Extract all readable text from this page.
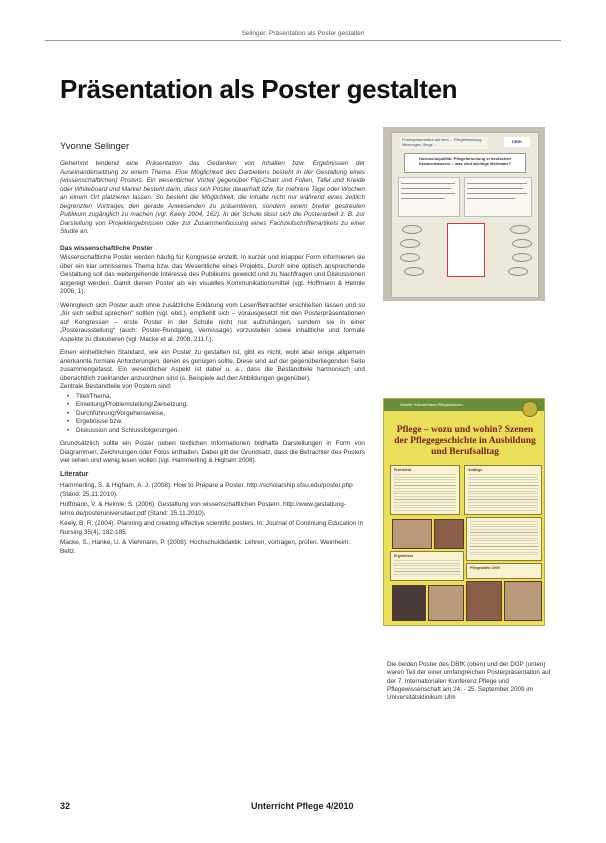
Selinger: Präsentation als Poster gestalten
Präsentation als Poster gestalten
Yvonne Selinger

Gehemmt tendend eine Präsentation das Gedanken von Inhalten bzw. Ergebnissen der Auseinandersetzung zu einem Thema. Eine Möglichkeit des Darbietens besteht in der Gestaltung eines (wissenschaftlichen) Posters. Ein wesentlicher Vorteil gegenüber Flip-Chart und Folien, Tafel und Kreide oder Whiteboard und Marker besteht darin, dass sich Poster dauerhaft bzw. für mehrere Tage oder Wochen an einem Ort platzieren lassen. So besteht die Möglichkeit, die Inhalte nicht nur während eines zeitlich begrenzten Vortrages den gerade Anwesenden zu präsentieren, sondern einem breiter gestreuten Publikum zugänglich zu machen (vgl. Keely 2004, 162). In der Schule lässt sich die Posterarbeit z. B. zur Darstellung von Projektergebnissen oder zur Zusammenfassung eines Fachzeitschriftenartikels zu einer Studie an.

Das wissenschaftliche Poster

Wissenschaftliche Poster werden häufig für Kongresse erstellt. In kurzer und knapper Form informieren sie über ein klar umrissenes Thema bzw. das Wesentliche eines Projekts. Durch eine optisch ansprechende Gestaltung soll das weitergehende Interesse des Publikums geweckt und zu Nachfragen und Diskussionen angeregt werden. Damit dienen Poster als ein visuelles Kommunikationsmittel (vgl. Hoffmann & Helmle 2006, 1).

Wenngleich sich Poster auch ohne zusätzliche Erklärung vom Leser/Betrachter erschließen lassen und so „für sich selbst sprechen“ sollten (vgl. ebd.), empfiehlt sich – vorausgesetzt mit den Posterpräsentationen auf Kongressen – erste Poster in der Schule nicht nur aufzuhängen, sondern sie in einer „Posterausstellung“ (auch: Poster-Rundgang, Vernissage) vorzustellen sowie inhaltliche und formale Aspekte zu diskutieren (vgl. Macke et al. 2008, 211 f.).

Einen einheitlichen Standard, wie ein Poster zu gestalten ist, gibt es nicht, wohl aber einige allgemein anerkannte formale Anforderungen, denen es genügen sollte. Diese sind auf der gegenüberliegenden Seite zusammengefasst. Ein wesentlicher Aspekt ist dabei u. a., dass die Bestandteile harmonisch und übersichtlich zueinander anzuordnen sind (s. Beispiele auf den Abbildungen gegenüber).

Zentrale Bestandteile von Postern sind:
• Titel/Thema,
• Einleitung/Problemstellung/Zielsetzung,
• Durchführung/Vorgehensweise,
• Ergebnisse bzw.
• Diskussion und Schlussfolgerungen.

Grundsätzlich sollte ein Poster neben textlichen Informationen bildhafte Darstellungen in Form von Diagrammen, Zeichnungen oder Fotos enthalten. Dabei gilt der Grundsatz, dass die Betrachter des Posters viel sehen und wenig lesen wollen (vgl. Hammerling & Higham 2008).

Literatur
Hammerling, S. & Higham, A. J. (2008): How to Prepare a Poster. http://scholarship.sfsu.edu/poster.php (Stand: 25.11.2010).
Hoffmann, V. & Helmle, S. (2006): Gestaltung von wissenschaftlichen Postern. http://www.gestaltung-lehre.de/posteruniversitaet.pdf (Stand: 25.11.2010).
Keely, B. R. (2004): Planning and creating effective scientific posters. In: Journal of Continuing Education in Nursing 35(4), 182-185.
Macke, S., Hanke, U. & Viehmann, P. (2008): Hochschuldidaktik: Lehren, vortragen, prüfen. Weinheim: Beltz.
Posterpräsentation auf dem ... Pflegeforschung: Meinungen, Wege ...
DBfK
Hochschulpolitik: Pflegeforschung in deutschen Krankenhäusern – was sind wichtige Merkmale?
Schule: Münsterland Pflegeschulen
Pflege – wozu und wohin? Szenen der Pflegegeschichte in Ausbildung und Berufsalltag
Praxisfeld	Anfänge
Ergebnisse
Pflegekräfte 2009

Die beiden Poster des DBfK (oben) und der DGP (unten) waren Teil der einer umfangreichen Posterpräsentation auf der 7. Internationalen Konferenz Pflege und Pflegewissenschaft am 24. - 25. September 2009 im Universitätsklinikum Ulm

32	Unterricht Pflege 4/2010
